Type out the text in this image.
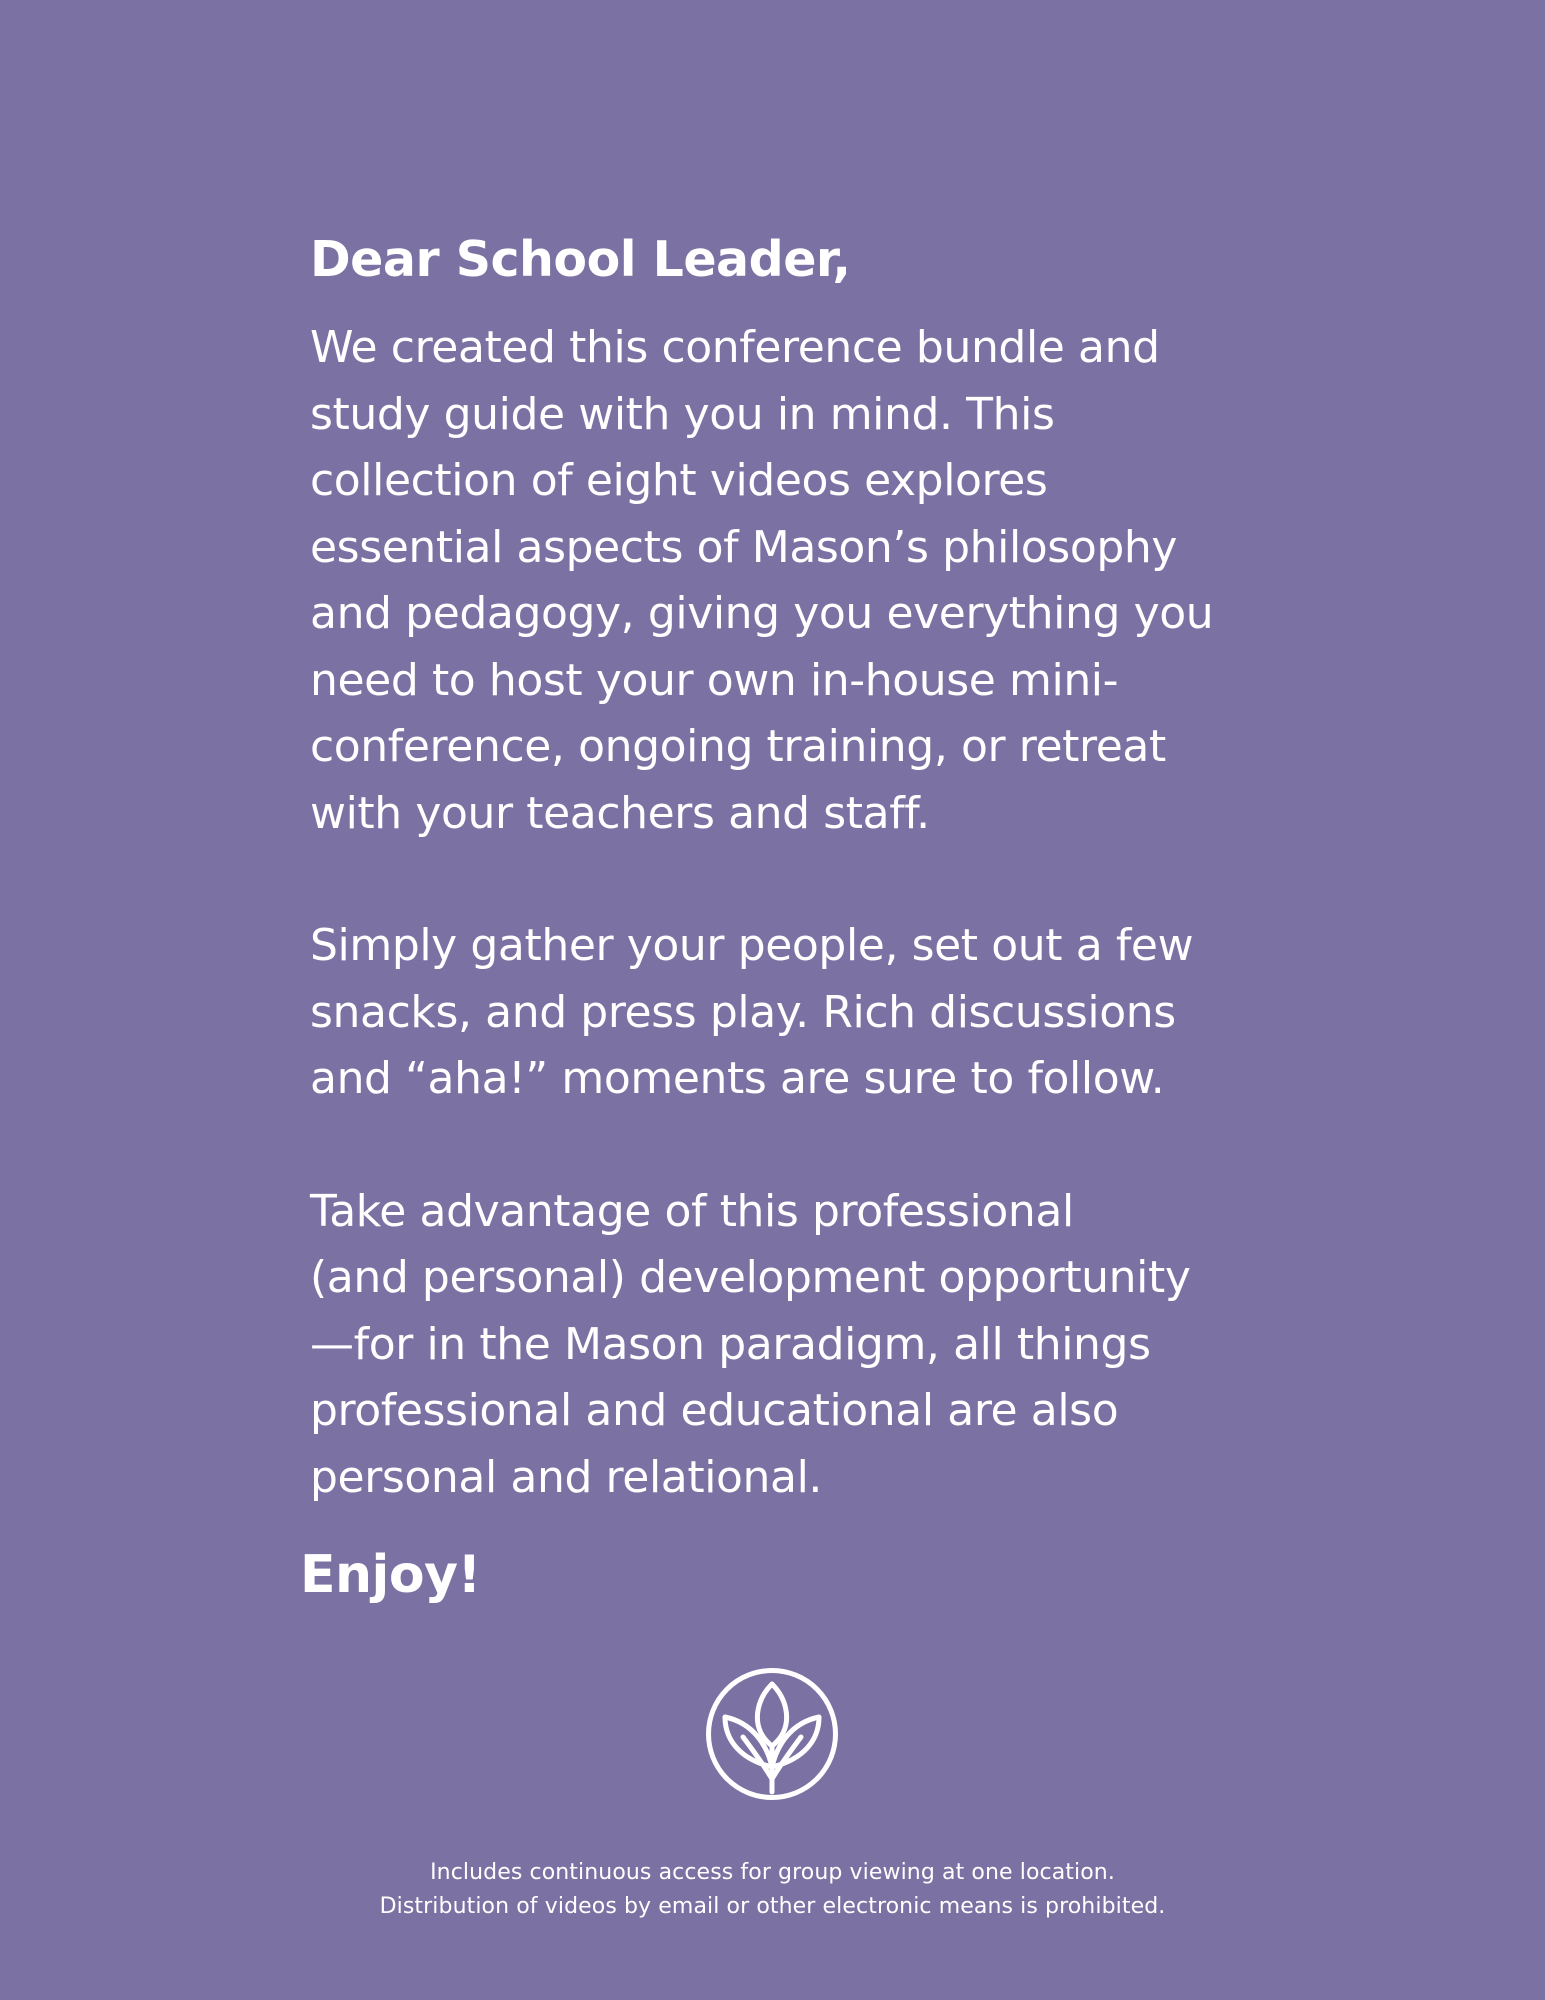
Dear School Leader,

We created this conference bundle and
study guide with you in mind. This
collection of eight videos explores
essential aspects of Mason’s philosophy
and pedagogy, giving you everything you
need to host your own in-house mini-
conference, ongoing training, or retreat
with your teachers and staff.

Simply gather your people, set out a few
snacks, and press play. Rich discussions
and “aha!” moments are sure to follow.

Take advantage of this professional
(and personal) development opportunity
—for in the Mason paradigm, all things
professional and educational are also
personal and relational.

Enjoy!

Includes continuous access for group viewing at one location.
Distribution of videos by email or other electronic means is prohibited.
